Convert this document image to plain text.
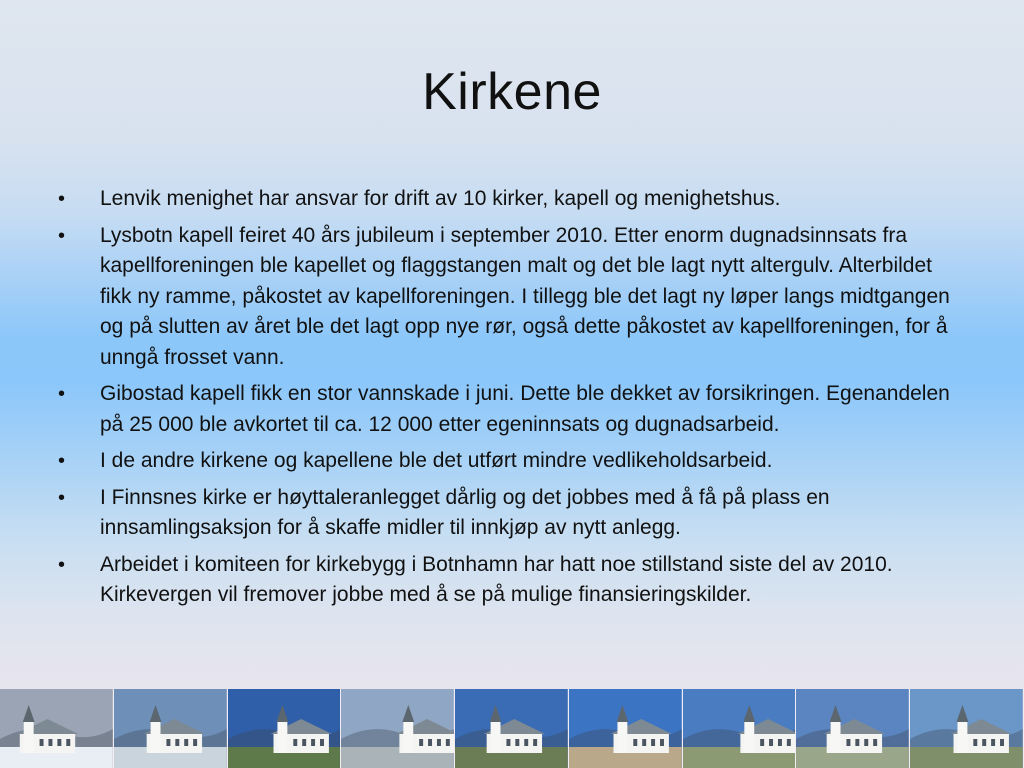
Kirkene
•	Lenvik menighet har ansvar for drift av 10 kirker, kapell og menighetshus.
•	Lysbotn kapell feiret 40 års jubileum i september 2010. Etter enorm dugnadsinnsats fra kapellforeningen ble kapellet og flaggstangen malt og det ble lagt nytt altergulv. Alterbildet fikk ny ramme, påkostet av kapellforeningen. I tillegg ble det lagt ny løper langs midtgangen og på slutten av året ble det lagt opp nye rør, også dette påkostet av kapellforeningen, for å unngå frosset vann.
•	Gibostad kapell fikk en stor vannskade i juni. Dette ble dekket av forsikringen. Egenandelen på 25 000 ble avkortet til ca. 12 000 etter egeninnsats og dugnadsarbeid.
•	I de andre kirkene og kapellene ble det utført mindre vedlikeholdsarbeid.
•	I Finnsnes kirke er høyttaleranlegget dårlig og det jobbes med å få på plass en innsamlingsaksjon for å skaffe midler til innkjøp av nytt anlegg.
•	Arbeidet i komiteen for kirkebygg i Botnhamn har hatt noe stillstand siste del av 2010. Kirkevergen vil fremover jobbe med å se på mulige finansieringskilder.
